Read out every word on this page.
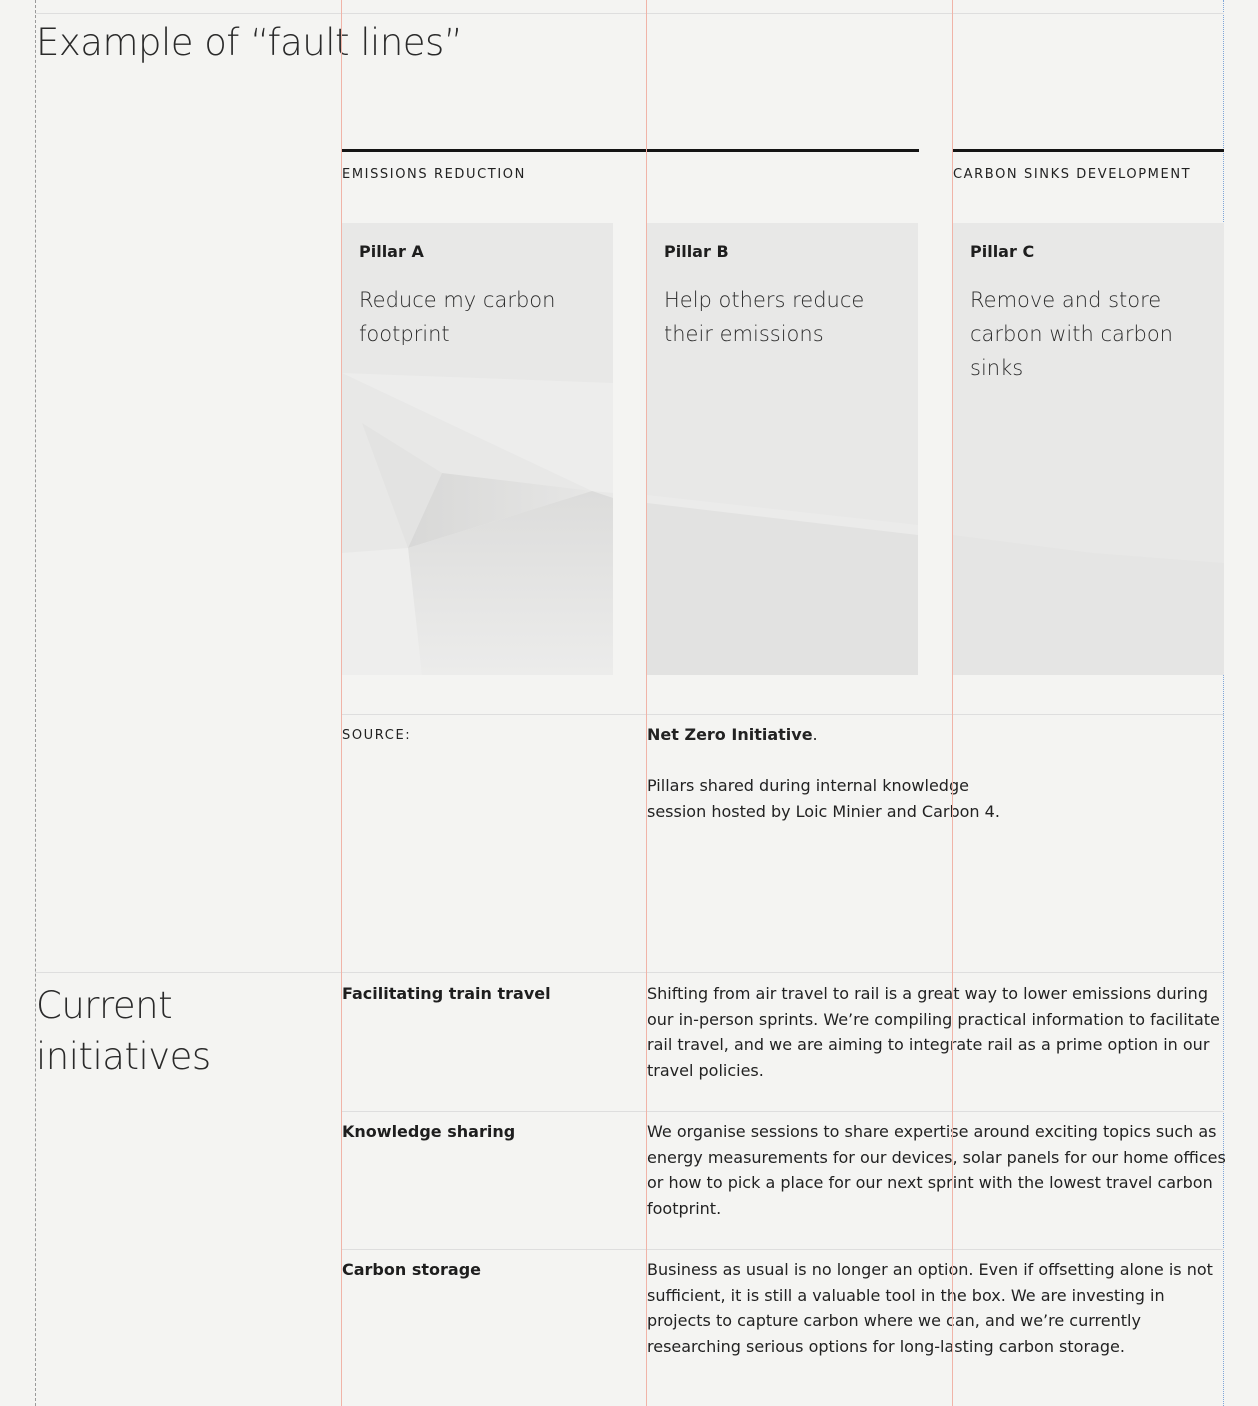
Example of “fault lines”
EMISSIONS REDUCTION	CARBON SINKS DEVELOPMENT
Pillar A
Reduce my carbon footprint
Pillar B
Help others reduce their emissions
Pillar C
Remove and store carbon with carbon sinks
SOURCE:	Net Zero Initiative.
Pillars shared during internal knowledge session hosted by Loic Minier and Carbon 4.
Current initiatives
Facilitating train travel	Shifting from air travel to rail is a great way to lower emissions during our in-person sprints. We’re compiling practical information to facilitate rail travel, and we are aiming to integrate rail as a prime option in our travel policies.
Knowledge sharing	We organise sessions to share expertise around exciting topics such as energy measurements for our devices, solar panels for our home offices or how to pick a place for our next sprint with the lowest travel carbon footprint.
Carbon storage	Business as usual is no longer an option. Even if offsetting alone is not sufficient, it is still a valuable tool in the box. We are investing in projects to capture carbon where we can, and we’re currently researching serious options for long-lasting carbon storage.
